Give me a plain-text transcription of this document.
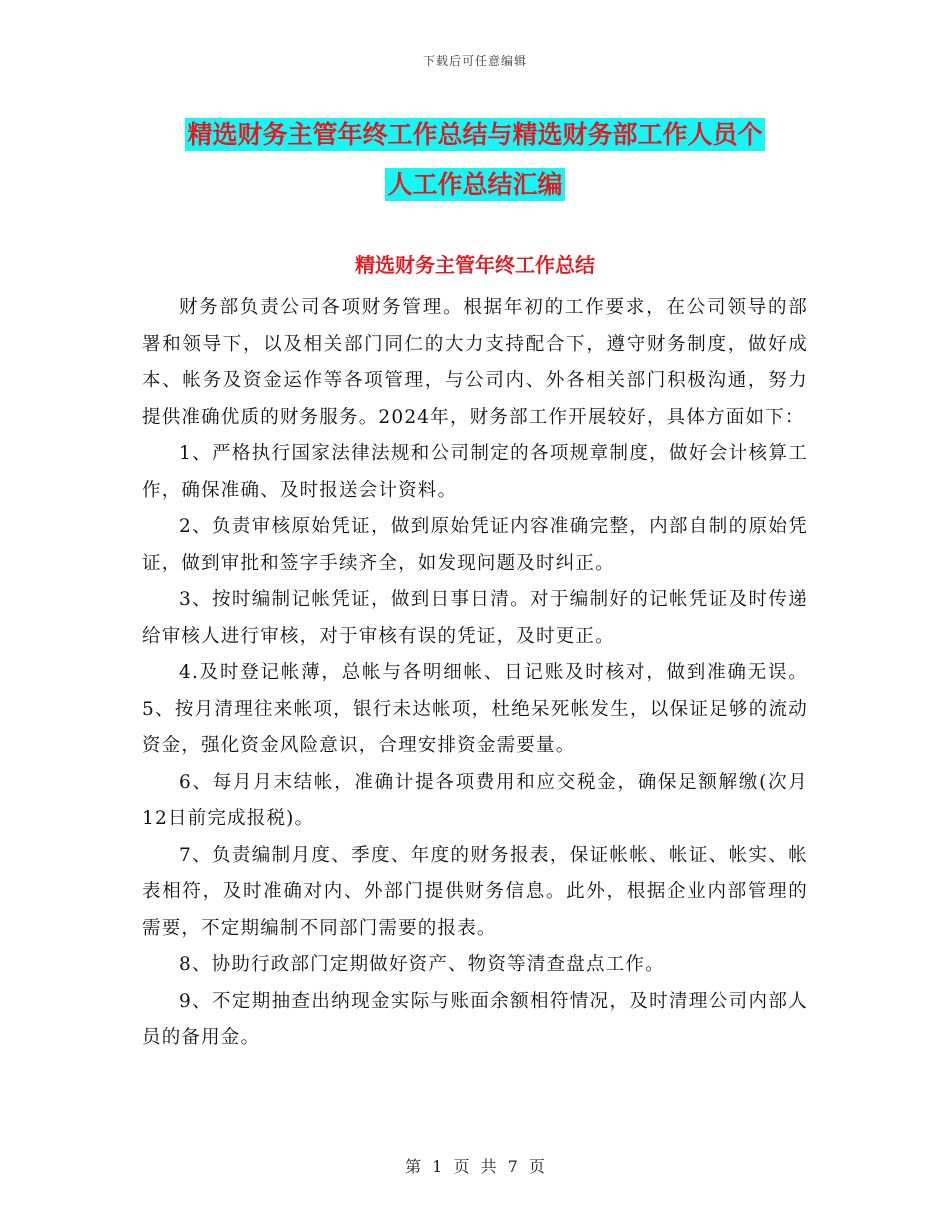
下载后可任意编辑
精选财务主管年终工作总结与精选财务部工作人员个
人工作总结汇编
精选财务主管年终工作总结

财务部负责公司各项财务管理。根据年初的工作要求，在公司领导的部署和领导下，以及相关部门同仁的大力支持配合下，遵守财务制度，做好成本、帐务及资金运作等各项管理，与公司内、外各相关部门积极沟通，努力提供准确优质的财务服务。2024年，财务部工作开展较好，具体方面如下：

1、严格执行国家法律法规和公司制定的各项规章制度，做好会计核算工作，确保准确、及时报送会计资料。

2、负责审核原始凭证，做到原始凭证内容准确完整，内部自制的原始凭证，做到审批和签字手续齐全，如发现问题及时纠正。

3、按时编制记帐凭证，做到日事日清。对于编制好的记帐凭证及时传递给审核人进行审核，对于审核有误的凭证，及时更正。

4.及时登记帐薄，总帐与各明细帐、日记账及时核对，做到准确无误。 5、按月清理往来帐项，银行未达帐项，杜绝呆死帐发生，以保证足够的流动资金，强化资金风险意识，合理安排资金需要量。

6、每月月末结帐，准确计提各项费用和应交税金，确保足额解缴(次月12日前完成报税)。

7、负责编制月度、季度、年度的财务报表，保证帐帐、帐证、帐实、帐表相符，及时准确对内、外部门提供财务信息。此外，根据企业内部管理的需要，不定期编制不同部门需要的报表。

8、协助行政部门定期做好资产、物资等清查盘点工作。

9、不定期抽查出纳现金实际与账面余额相符情况，及时清理公司内部人员的备用金。

第 1 页 共 7 页
